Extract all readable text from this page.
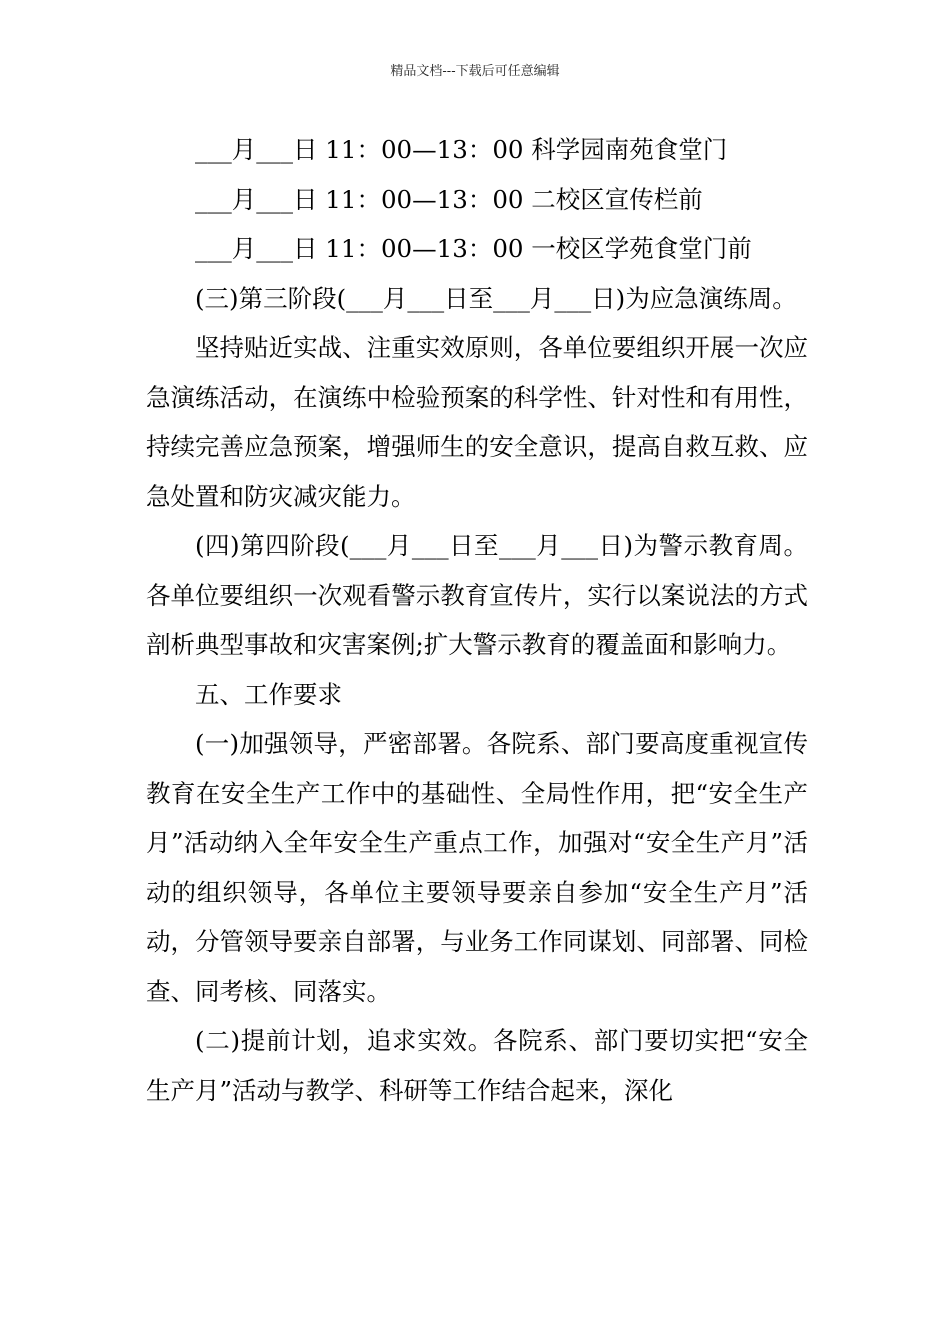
精品文档---下载后可任意编辑

___月___日 11：00—13：00 科学园南苑食堂门

___月___日 11：00—13：00 二校区宣传栏前

___月___日 11：00—13：00 一校区学苑食堂门前

(三)第三阶段(___月___日至___月___日)为应急演练周。

坚持贴近实战、注重实效原则，各单位要组织开展一次应急演练活动，在演练中检验预案的科学性、针对性和有用性，持续完善应急预案，增强师生的安全意识，提高自救互救、应急处置和防灾减灾能力。

(四)第四阶段(___月___日至___月___日)为警示教育周。各单位要组织一次观看警示教育宣传片，实行以案说法的方式剖析典型事故和灾害案例;扩大警示教育的覆盖面和影响力。

五、工作要求

(一)加强领导，严密部署。各院系、部门要高度重视宣传教育在安全生产工作中的基础性、全局性作用，把“安全生产月”活动纳入全年安全生产重点工作，加强对“安全生产月”活动的组织领导，各单位主要领导要亲自参加“安全生产月”活动，分管领导要亲自部署，与业务工作同谋划、同部署、同检查、同考核、同落实。

(二)提前计划，追求实效。各院系、部门要切实把“安全生产月”活动与教学、科研等工作结合起来，深化
